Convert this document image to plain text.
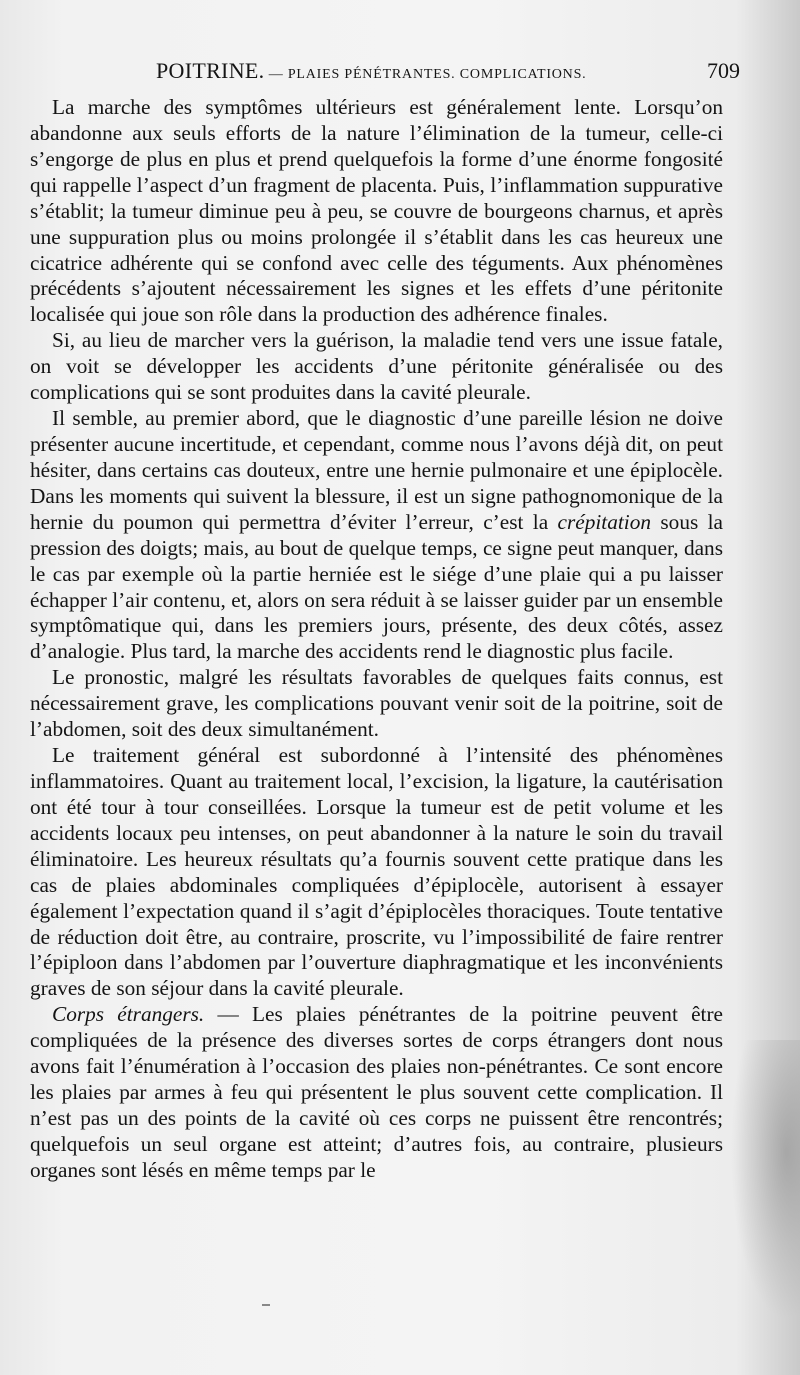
POITRINE. — PLAIES PÉNÉTRANTES. COMPLICATIONS.	709

La marche des symptômes ultérieurs est généralement lente. Lorsqu’on abandonne aux seuls efforts de la nature l’élimination de la tumeur, celle-ci s’engorge de plus en plus et prend quelquefois la forme d’une énorme fongosité qui rappelle l’aspect d’un fragment de placenta. Puis, l’inflammation suppurative s’établit; la tumeur diminue peu à peu, se couvre de bourgeons charnus, et après une suppuration plus ou moins prolongée il s’établit dans les cas heureux une cicatrice adhérente qui se confond avec celle des téguments. Aux phénomènes précédents s’ajoutent nécessairement les signes et les effets d’une péritonite localisée qui joue son rôle dans la production des adhérence finales.

Si, au lieu de marcher vers la guérison, la maladie tend vers une issue fatale, on voit se développer les accidents d’une péritonite généralisée ou des complications qui se sont produites dans la cavité pleurale.

Il semble, au premier abord, que le diagnostic d’une pareille lésion ne doive présenter aucune incertitude, et cependant, comme nous l’avons déjà dit, on peut hésiter, dans certains cas douteux, entre une hernie pulmonaire et une épiplocèle. Dans les moments qui suivent la blessure, il est un signe pathognomonique de la hernie du poumon qui permettra d’éviter l’erreur, c’est la crépitation sous la pression des doigts; mais, au bout de quelque temps, ce signe peut manquer, dans le cas par exemple où la partie herniée est le siége d’une plaie qui a pu laisser échapper l’air contenu, et, alors on sera réduit à se laisser guider par un ensemble symptômatique qui, dans les premiers jours, présente, des deux côtés, assez d’analogie. Plus tard, la marche des accidents rend le diagnostic plus facile.

Le pronostic, malgré les résultats favorables de quelques faits connus, est nécessairement grave, les complications pouvant venir soit de la poitrine, soit de l’abdomen, soit des deux simultanément.

Le traitement général est subordonné à l’intensité des phénomènes inflammatoires. Quant au traitement local, l’excision, la ligature, la cautérisation ont été tour à tour conseillées. Lorsque la tumeur est de petit volume et les accidents locaux peu intenses, on peut abandonner à la nature le soin du travail éliminatoire. Les heureux résultats qu’a fournis souvent cette pratique dans les cas de plaies abdominales compliquées d’épiplocèle, autorisent à essayer également l’expectation quand il s’agit d’épiplocèles thoraciques. Toute tentative de réduction doit être, au contraire, proscrite, vu l’impossibilité de faire rentrer l’épiploon dans l’abdomen par l’ouverture diaphragmatique et les inconvénients graves de son séjour dans la cavité pleurale.

Corps étrangers. — Les plaies pénétrantes de la poitrine peuvent être compliquées de la présence des diverses sortes de corps étrangers dont nous avons fait l’énumération à l’occasion des plaies non-pénétrantes. Ce sont encore les plaies par armes à feu qui présentent le plus souvent cette complication. Il n’est pas un des points de la cavité où ces corps ne puissent être rencontrés; quelquefois un seul organe est atteint; d’autres fois, au contraire, plusieurs organes sont lésés en même temps par le
